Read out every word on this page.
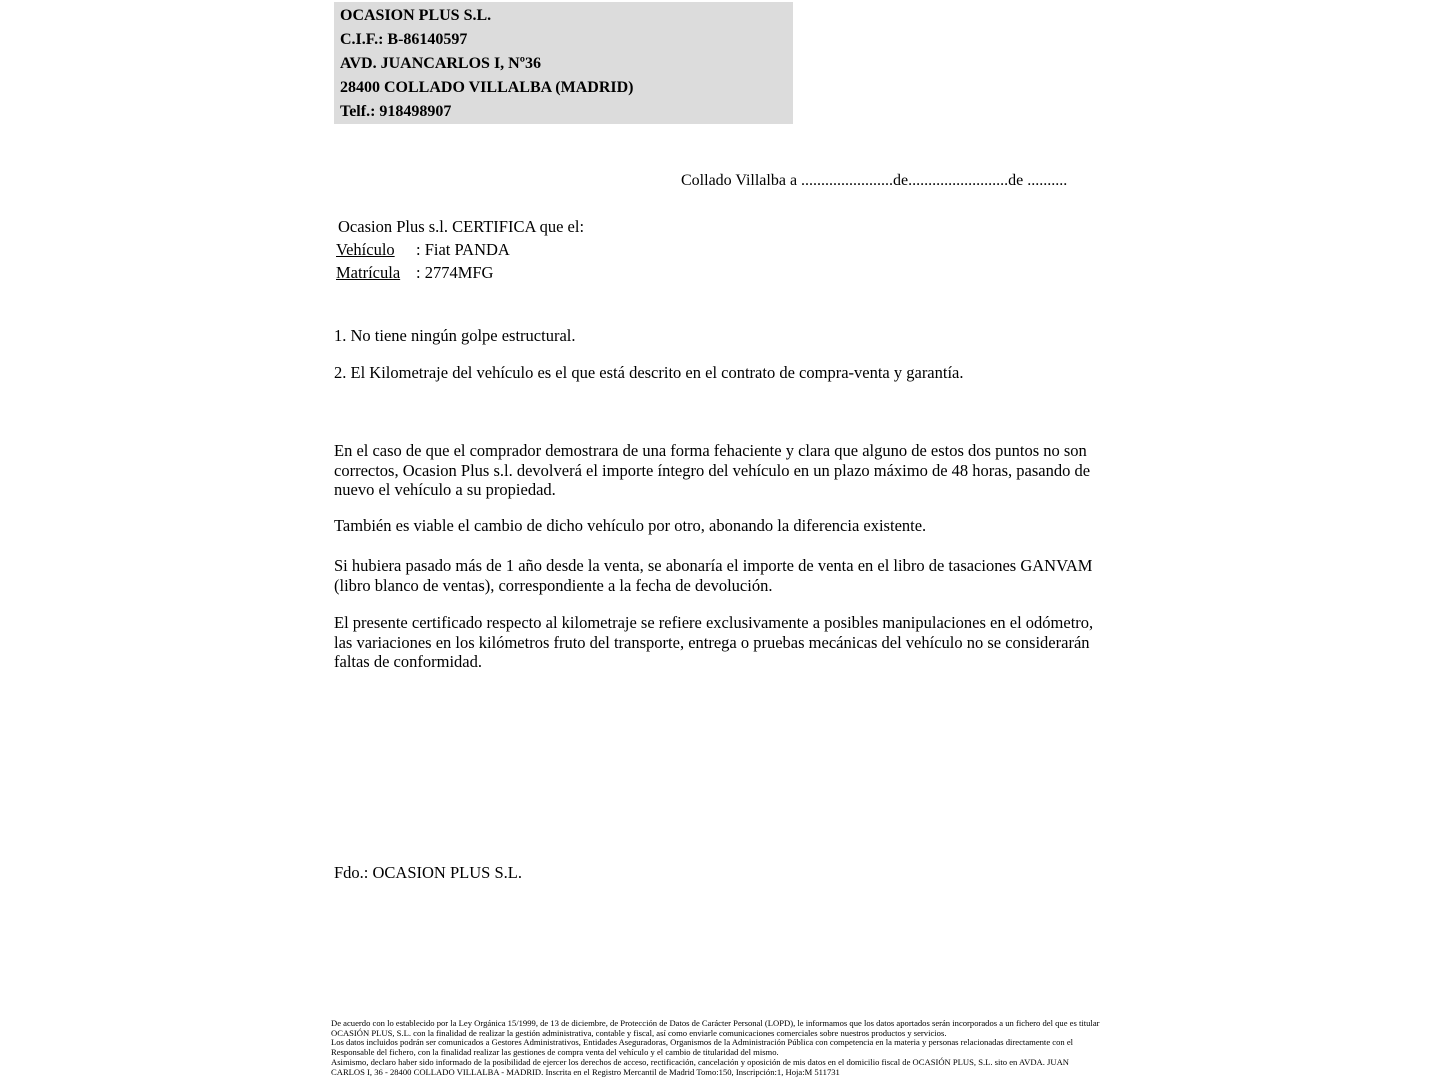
OCASION PLUS S.L.
C.I.F.: B-86140597
AVD. JUANCARLOS I, Nº36
28400 COLLADO VILLALBA (MADRID)
Telf.: 918498907
Collado Villalba a .......................de.........................de ..........
Ocasion Plus s.l. CERTIFICA que el:
Vehículo : Fiat PANDA
Matrícula : 2774MFG
1. No tiene ningún golpe estructural.
2. El Kilometraje del vehículo es el que está descrito en el contrato de compra-venta y garantía.
En el caso de que el comprador demostrara de una forma fehaciente y clara que alguno de estos dos puntos no son correctos, Ocasion Plus s.l. devolverá el importe íntegro del vehículo en un plazo máximo de 48 horas, pasando de nuevo el vehículo a su propiedad.
También es viable el cambio de dicho vehículo por otro, abonando la diferencia existente.
Si hubiera pasado más de 1 año desde la venta, se abonaría el importe de venta en el libro de tasaciones GANVAM (libro blanco de ventas), correspondiente a la fecha de devolución.
El presente certificado respecto al kilometraje se refiere exclusivamente a posibles manipulaciones en el odómetro, las variaciones en los kilómetros fruto del transporte, entrega o pruebas mecánicas del vehículo no se considerarán faltas de conformidad.
Fdo.: OCASION PLUS S.L.
De acuerdo con lo establecido por la Ley Orgánica 15/1999, de 13 de diciembre, de Protección de Datos de Carácter Personal (LOPD), le informamos que los datos aportados serán incorporados a un fichero del que es titular OCASIÓN PLUS, S.L. con la finalidad de realizar la gestión administrativa, contable y fiscal, así como enviarle comunicaciones comerciales sobre nuestros productos y servicios.
Los datos incluidos podrán ser comunicados a Gestores Administrativos, Entidades Aseguradoras, Organismos de la Administración Pública con competencia en la materia y personas relacionadas directamente con el Responsable del fichero, con la finalidad realizar las gestiones de compra venta del vehículo y el cambio de titularidad del mismo.
Asimismo, declaro haber sido informado de la posibilidad de ejercer los derechos de acceso, rectificación, cancelación y oposición de mis datos en el domicilio fiscal de OCASIÓN PLUS, S.L. sito en AVDA. JUAN CARLOS I, 36 - 28400 COLLADO VILLALBA - MADRID. Inscrita en el Registro Mercantil de Madrid Tomo:150, Inscripción:1, Hoja:M 511731
